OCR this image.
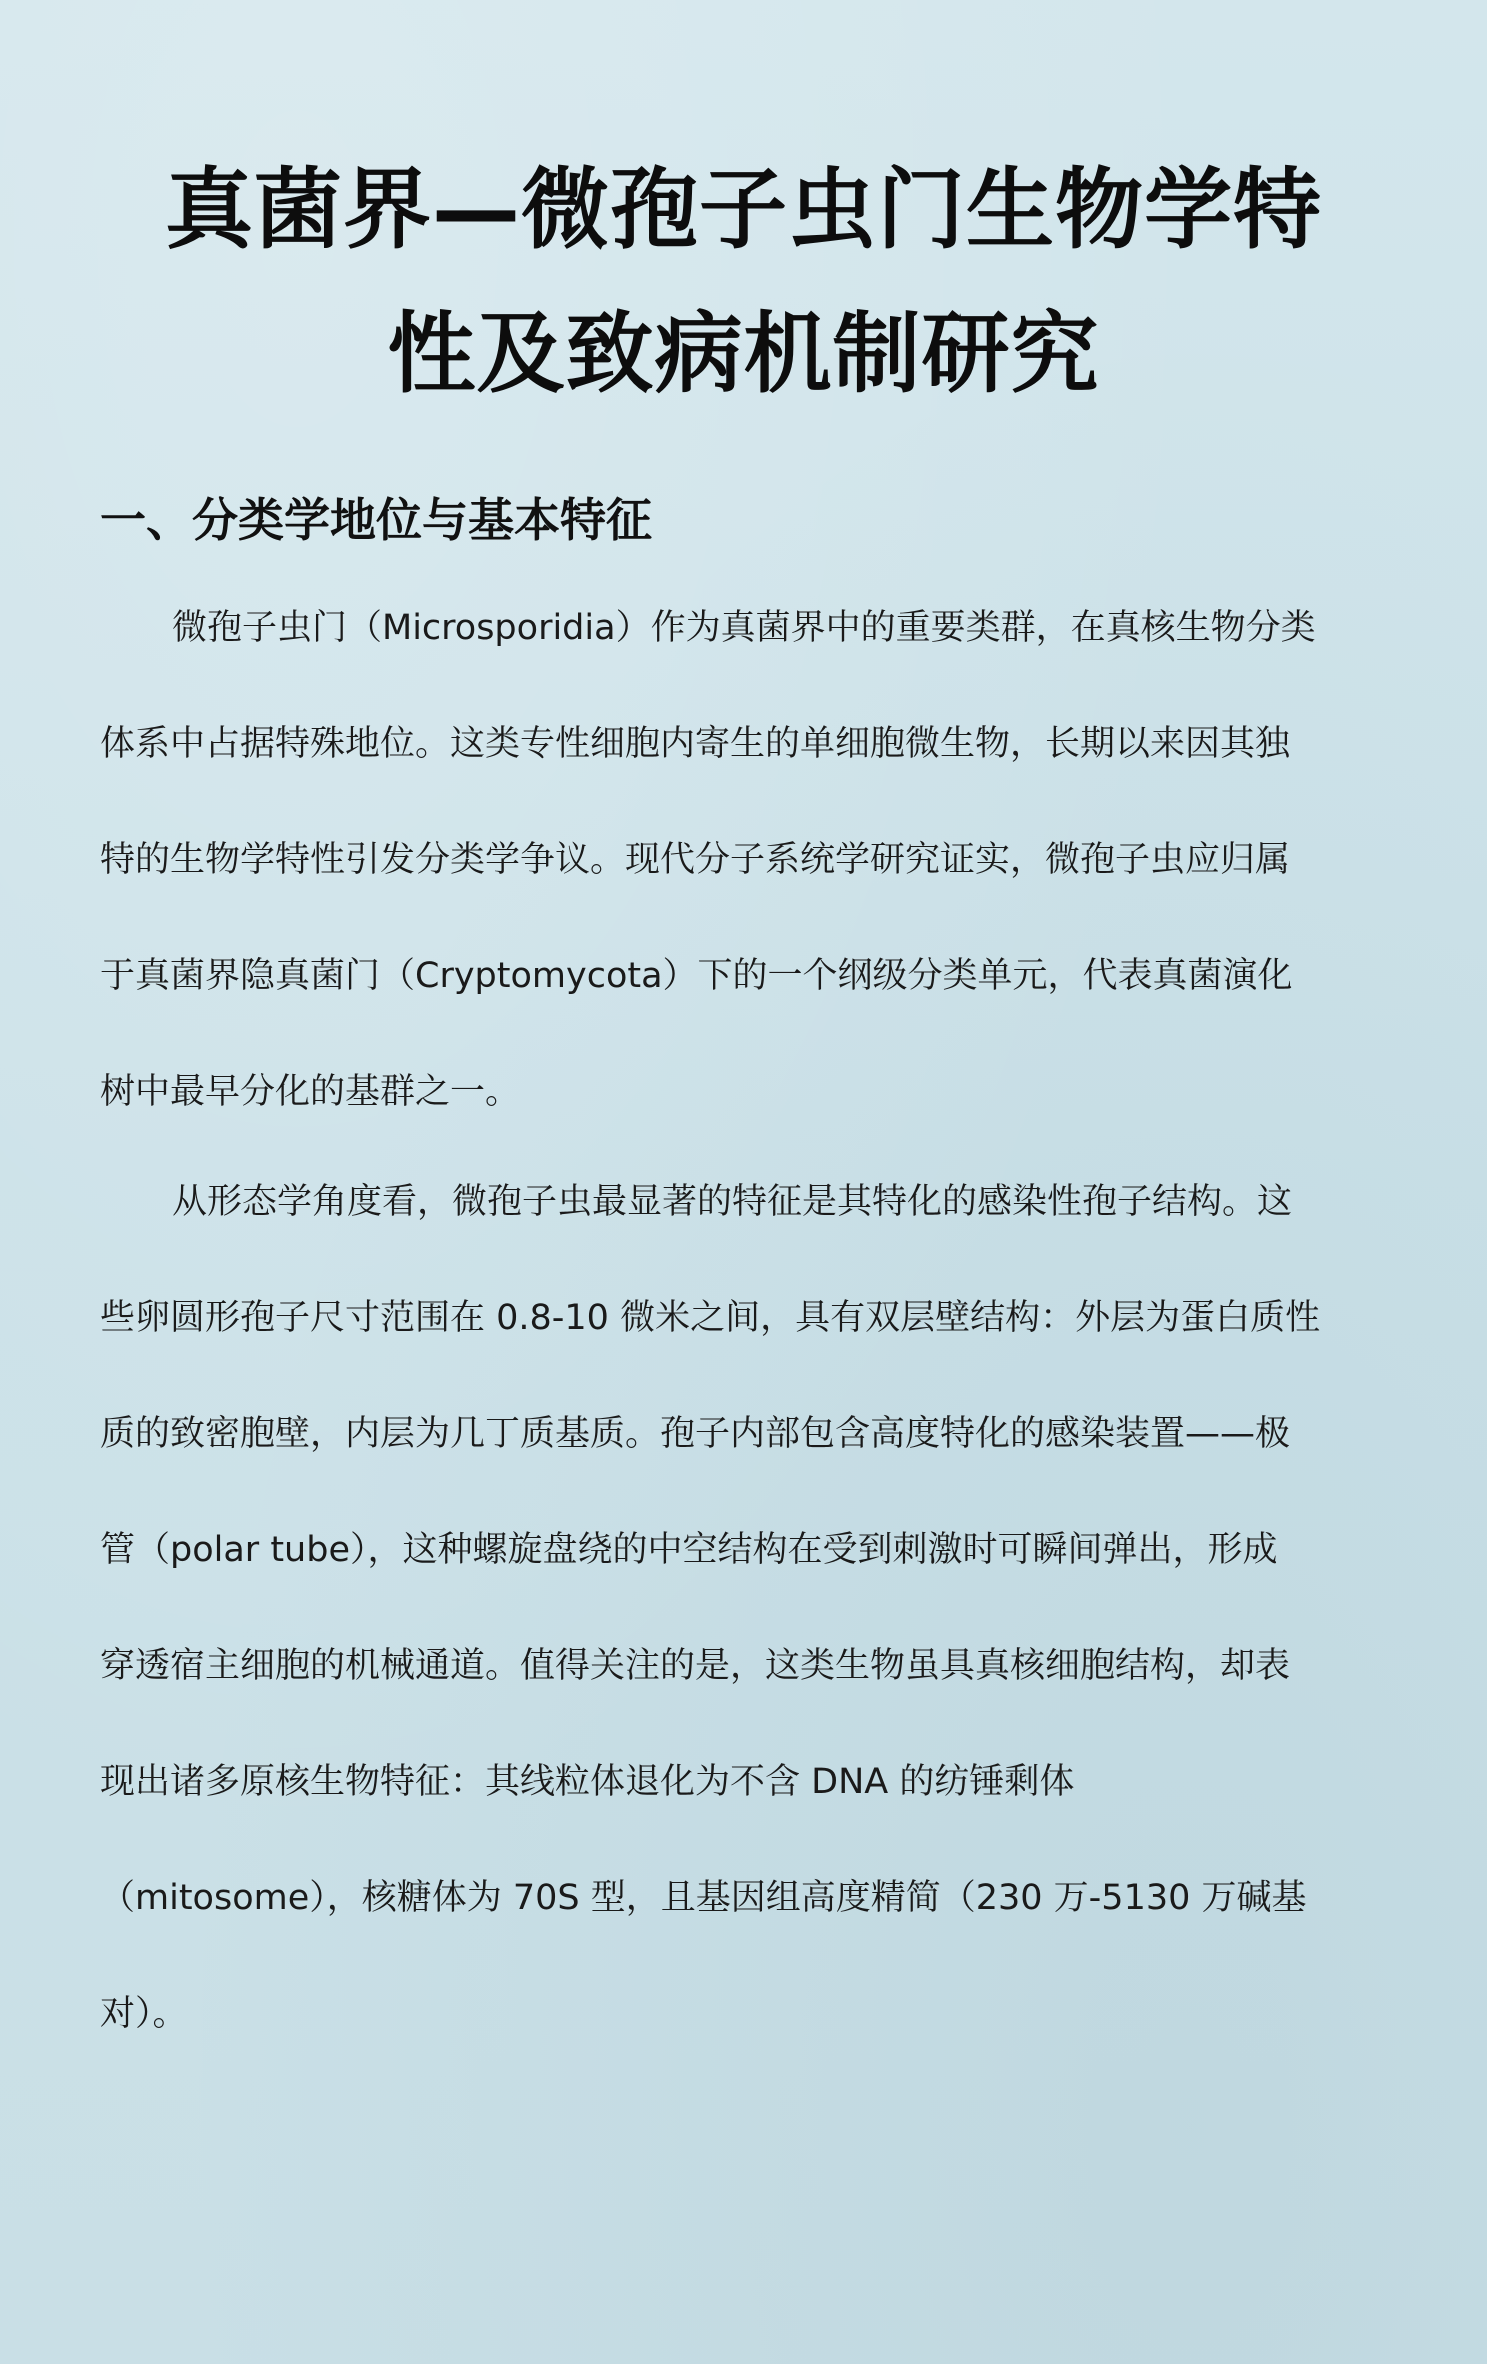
真菌界—微孢子虫门生物学特
性及致病机制研究
一、分类学地位与基本特征
微孢子虫门（Microsporidia）作为真菌界中的重要类群，在真核生物分类
体系中占据特殊地位。这类专性细胞内寄生的单细胞微生物，长期以来因其独
特的生物学特性引发分类学争议。现代分子系统学研究证实，微孢子虫应归属
于真菌界隐真菌门（Cryptomycota）下的一个纲级分类单元，代表真菌演化
树中最早分化的基群之一。
从形态学角度看，微孢子虫最显著的特征是其特化的感染性孢子结构。这
些卵圆形孢子尺寸范围在 0.8-10 微米之间，具有双层壁结构：外层为蛋白质性
质的致密胞壁，内层为几丁质基质。孢子内部包含高度特化的感染装置——极
管（polar tube），这种螺旋盘绕的中空结构在受到刺激时可瞬间弹出，形成
穿透宿主细胞的机械通道。值得关注的是，这类生物虽具真核细胞结构，却表
现出诸多原核生物特征：其线粒体退化为不含 DNA 的纺锤剩体
（mitosome），核糖体为 70S 型，且基因组高度精简（230 万-5130 万碱基
对）。
